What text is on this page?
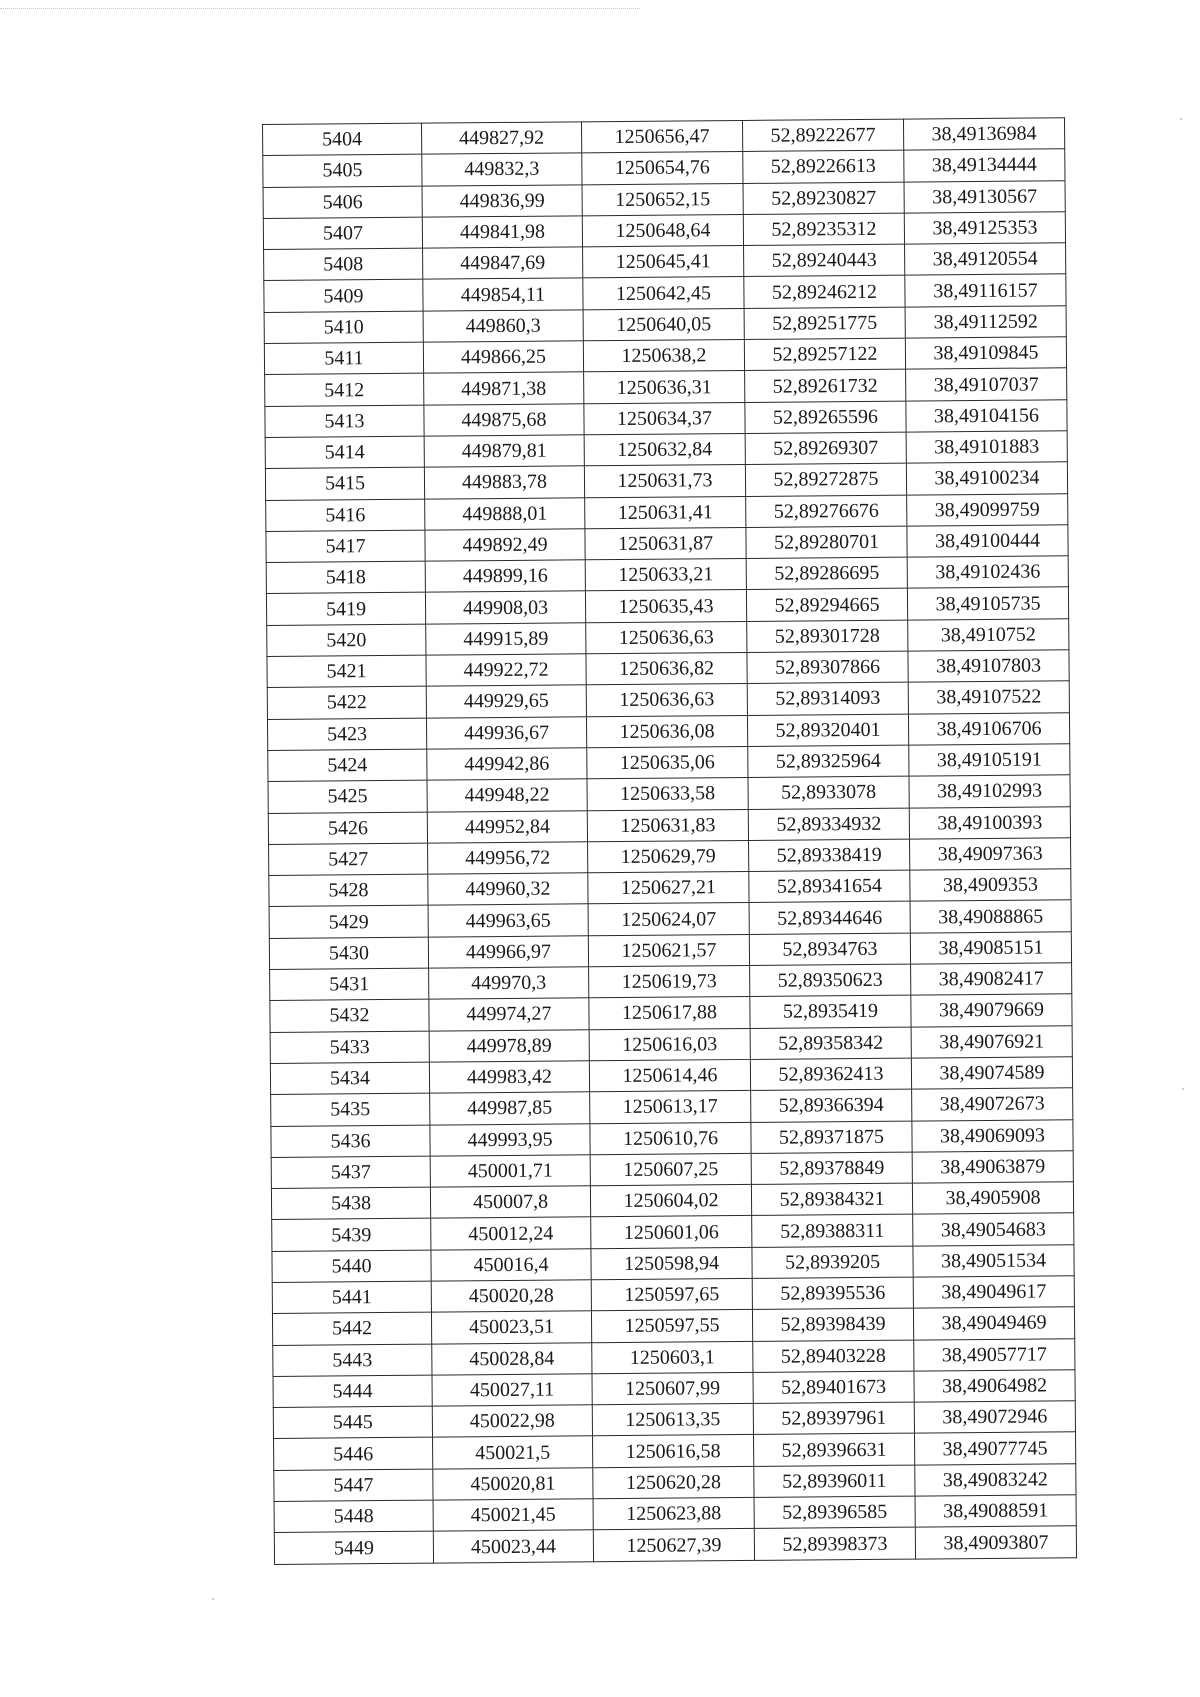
5404	449827,92	1250656,47	52,89222677	38,49136984
5405	449832,3	1250654,76	52,89226613	38,49134444
5406	449836,99	1250652,15	52,89230827	38,49130567
5407	449841,98	1250648,64	52,89235312	38,49125353
5408	449847,69	1250645,41	52,89240443	38,49120554
5409	449854,11	1250642,45	52,89246212	38,49116157
5410	449860,3	1250640,05	52,89251775	38,49112592
5411	449866,25	1250638,2	52,89257122	38,49109845
5412	449871,38	1250636,31	52,89261732	38,49107037
5413	449875,68	1250634,37	52,89265596	38,49104156
5414	449879,81	1250632,84	52,89269307	38,49101883
5415	449883,78	1250631,73	52,89272875	38,49100234
5416	449888,01	1250631,41	52,89276676	38,49099759
5417	449892,49	1250631,87	52,89280701	38,49100444
5418	449899,16	1250633,21	52,89286695	38,49102436
5419	449908,03	1250635,43	52,89294665	38,49105735
5420	449915,89	1250636,63	52,89301728	38,4910752
5421	449922,72	1250636,82	52,89307866	38,49107803
5422	449929,65	1250636,63	52,89314093	38,49107522
5423	449936,67	1250636,08	52,89320401	38,49106706
5424	449942,86	1250635,06	52,89325964	38,49105191
5425	449948,22	1250633,58	52,8933078	38,49102993
5426	449952,84	1250631,83	52,89334932	38,49100393
5427	449956,72	1250629,79	52,89338419	38,49097363
5428	449960,32	1250627,21	52,89341654	38,4909353
5429	449963,65	1250624,07	52,89344646	38,49088865
5430	449966,97	1250621,57	52,8934763	38,49085151
5431	449970,3	1250619,73	52,89350623	38,49082417
5432	449974,27	1250617,88	52,8935419	38,49079669
5433	449978,89	1250616,03	52,89358342	38,49076921
5434	449983,42	1250614,46	52,89362413	38,49074589
5435	449987,85	1250613,17	52,89366394	38,49072673
5436	449993,95	1250610,76	52,89371875	38,49069093
5437	450001,71	1250607,25	52,89378849	38,49063879
5438	450007,8	1250604,02	52,89384321	38,4905908
5439	450012,24	1250601,06	52,89388311	38,49054683
5440	450016,4	1250598,94	52,8939205	38,49051534
5441	450020,28	1250597,65	52,89395536	38,49049617
5442	450023,51	1250597,55	52,89398439	38,49049469
5443	450028,84	1250603,1	52,89403228	38,49057717
5444	450027,11	1250607,99	52,89401673	38,49064982
5445	450022,98	1250613,35	52,89397961	38,49072946
5446	450021,5	1250616,58	52,89396631	38,49077745
5447	450020,81	1250620,28	52,89396011	38,49083242
5448	450021,45	1250623,88	52,89396585	38,49088591
5449	450023,44	1250627,39	52,89398373	38,49093807
